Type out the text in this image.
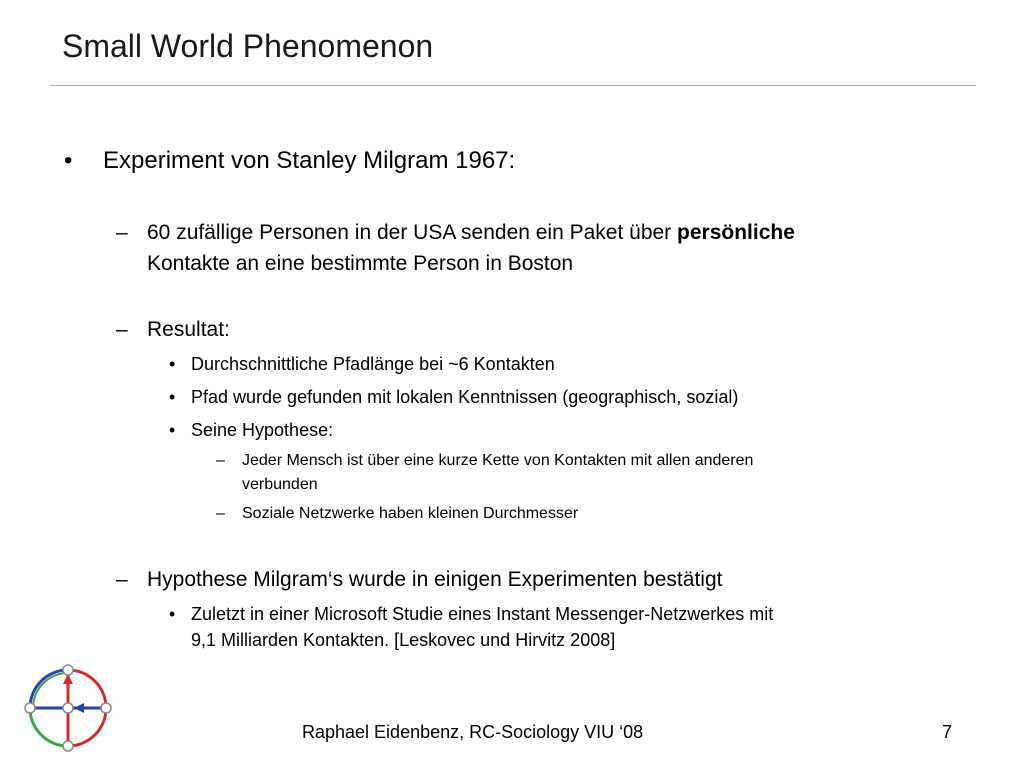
Small World Phenomenon
• Experiment von Stanley Milgram 1967:
– 60 zufällige Personen in der USA senden ein Paket über persönliche
Kontakte an eine bestimmte Person in Boston
– Resultat:
• Durchschnittliche Pfadlänge bei ~6 Kontakten
• Pfad wurde gefunden mit lokalen Kenntnissen (geographisch, sozial)
• Seine Hypothese:
– Jeder Mensch ist über eine kurze Kette von Kontakten mit allen anderen
verbunden
– Soziale Netzwerke haben kleinen Durchmesser
– Hypothese Milgram‘s wurde in einigen Experimenten bestätigt
• Zuletzt in einer Microsoft Studie eines Instant Messenger-Netzwerkes mit
9,1 Milliarden Kontakten. [Leskovec und Hirvitz 2008]
Raphael Eidenbenz, RC-Sociology VIU ‘08	7
